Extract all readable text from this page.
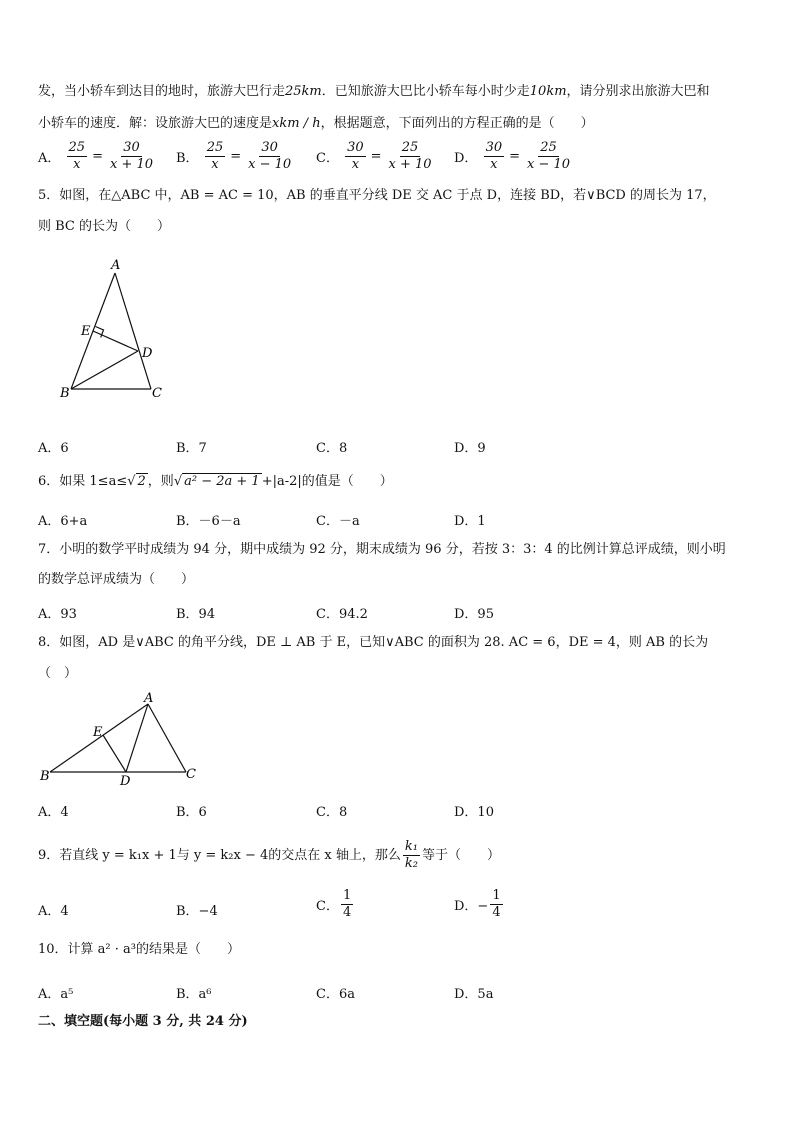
发，当小轿车到达目的地时，旅游大巴行走25km．已知旅游大巴比小轿车每小时少走10km，请分别求出旅游大巴和
小轿车的速度．解：设旅游大巴的速度是xkm / h，根据题意，下面列出的方程正确的是（　　）
A． $\frac{25}{x} = \frac{30}{x + 10}$ B． $\frac{25}{x} = \frac{30}{x - 10}$ C． $\frac{30}{x} = \frac{25}{x + 10}$ D． $\frac{30}{x} = \frac{25}{x - 10}$
5．如图，在△ABC 中，AB = AC = 10，AB 的垂直平分线 DE 交 AC 于点 D，连接 BD，若∨BCD 的周长为 17，
则 BC 的长为（　　）
A
E
D
B	C
A．6	B．7	C．8	D．9
6．如果 1≤a≤√ 2 ，则√ a² − 2a + 1 +|a-2|的值是（　　）
A．6+a	B．－6－a	C．－a	D．1
7．小明的数学平时成绩为 94 分，期中成绩为 92 分，期末成绩为 96 分，若按 3：3：4 的比例计算总评成绩，则小明
的数学总评成绩为（　　）
A．93	B．94	C．94.2	D．95
8．如图，AD 是∨ABC 的角平分线，DE ⊥ AB 于 E，已知∨ABC 的面积为 28. AC = 6，DE = 4，则 AB 的长为
（　）
A
E
B	D	C
A．4	B．6	C．8	D．10
9．若直线 y = k₁x + 1与 y = k₂x − 4的交点在 x 轴上，那么 $\frac{\text{k₁}}{\text{k₂}}$ 等于（　　）
A．4	B．−4	C． $\frac{1}{4}$	D．− $\frac{1}{4}$
10．计算 a² · a³的结果是（　　）
A．a⁵	B．a⁶	C．6a	D．5a
二、填空题(每小题 3 分, 共 24 分)
